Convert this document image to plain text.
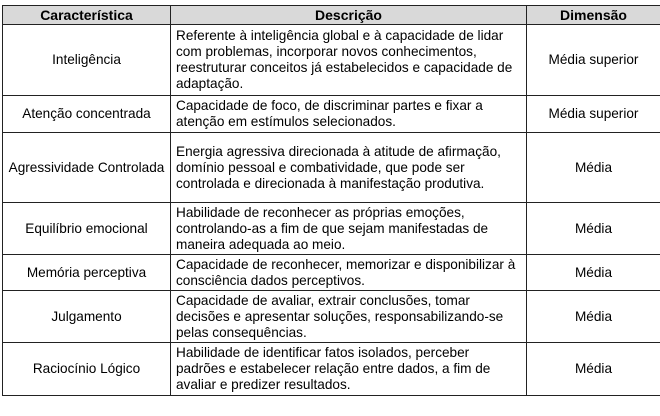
Característica	Descrição	Dimensão
Inteligência	Referente à inteligência global e à capacidade de lidar com problemas, incorporar novos conhecimentos, reestruturar conceitos já estabelecidos e capacidade de adaptação.	Média superior
Atenção concentrada	Capacidade de foco, de discriminar partes e fixar a atenção em estímulos selecionados.	Média superior
Agressividade Controlada	Energia agressiva direcionada à atitude de afirmação, domínio pessoal e combatividade, que pode ser controlada e direcionada à manifestação produtiva.	Média
Equilíbrio emocional	Habilidade de reconhecer as próprias emoções, controlando-as a fim de que sejam manifestadas de maneira adequada ao meio.	Média
Memória perceptiva	Capacidade de reconhecer, memorizar e disponibilizar à consciência dados perceptivos.	Média
Julgamento	Capacidade de avaliar, extrair conclusões, tomar decisões e apresentar soluções, responsabilizando-se pelas consequências.	Média
Raciocínio Lógico	Habilidade de identificar fatos isolados, perceber padrões e estabelecer relação entre dados, a fim de avaliar e predizer resultados.	Média
